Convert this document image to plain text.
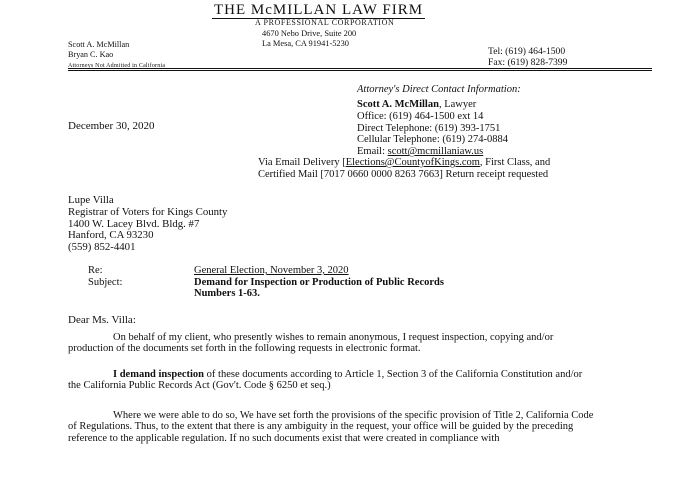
THE McMILLAN LAW FIRM
A PROFESSIONAL CORPORATION
4670 Nebo Drive, Suite 200
La Mesa, CA 91941-5230
Scott A. McMillan
Bryan C. Kao
Attorneys Not Admitted in California
Tel: (619) 464-1500
Fax: (619) 828-7399
Attorney's Direct Contact Information:
Scott A. McMillan, Lawyer
Office: (619) 464-1500 ext 14
Direct Telephone: (619) 393-1751
Cellular Telephone: (619) 274-0884
Email: scott@mcmillaniaw.us
December 30, 2020
Via Email Delivery [Elections@CountyofKings.com, First Class, and Certified Mail [7017 0660 0000 8263 7663] Return receipt requested
Lupe Villa
Registrar of Voters for Kings County
1400 W. Lacey Blvd. Bldg. #7
Hanford, CA 93230
(559) 852-4401
Re:
Subject:
General Election, November 3, 2020
Demand for Inspection or Production of Public Records
Numbers 1-63.
Dear Ms. Villa:
On behalf of my client, who presently wishes to remain anonymous, I request inspection, copying and/or production of the documents set forth in the following requests in electronic format.
I demand inspection of these documents according to Article 1, Section 3 of the California Constitution and/or the California Public Records Act (Gov't. Code § 6250 et seq.)
Where we were able to do so, We have set forth the provisions of the specific provision of Title 2, California Code of Regulations. Thus, to the extent that there is any ambiguity in the request, your office will be guided by the preceding reference to the applicable regulation. If no such documents exist that were created in compliance with
